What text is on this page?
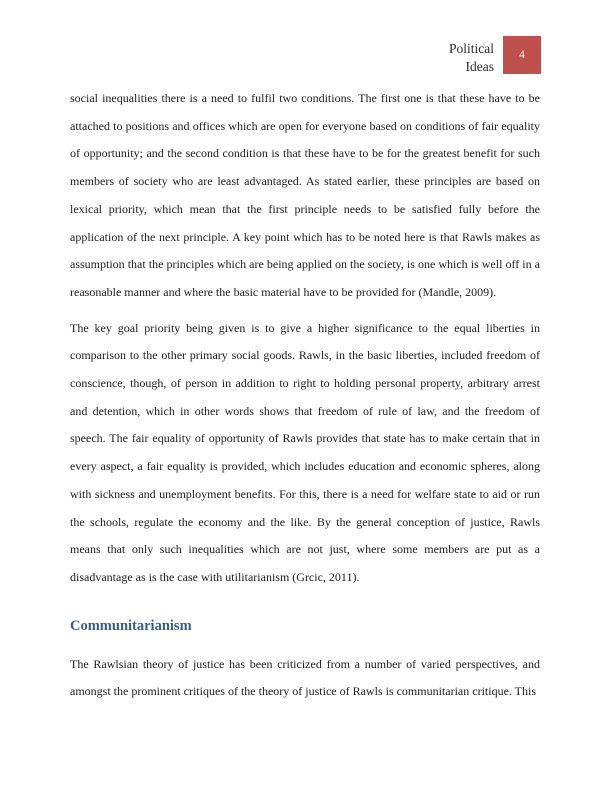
Political
Ideas
4

social inequalities there is a need to fulfil two conditions. The first one is that these have to be attached to positions and offices which are open for everyone based on conditions of fair equality of opportunity; and the second condition is that these have to be for the greatest benefit for such members of society who are least advantaged. As stated earlier, these principles are based on lexical priority, which mean that the first principle needs to be satisfied fully before the application of the next principle. A key point which has to be noted here is that Rawls makes as assumption that the principles which are being applied on the society, is one which is well off in a reasonable manner and where the basic material have to be provided for (Mandle, 2009).

The key goal priority being given is to give a higher significance to the equal liberties in comparison to the other primary social goods. Rawls, in the basic liberties, included freedom of conscience, though, of person in addition to right to holding personal property, arbitrary arrest and detention, which in other words shows that freedom of rule of law, and the freedom of speech. The fair equality of opportunity of Rawls provides that state has to make certain that in every aspect, a fair equality is provided, which includes education and economic spheres, along with sickness and unemployment benefits. For this, there is a need for welfare state to aid or run the schools, regulate the economy and the like. By the general conception of justice, Rawls means that only such inequalities which are not just, where some members are put as a disadvantage as is the case with utilitarianism (Grcic, 2011).

Communitarianism

The Rawlsian theory of justice has been criticized from a number of varied perspectives, and amongst the prominent critiques of the theory of justice of Rawls is communitarian critique. This
